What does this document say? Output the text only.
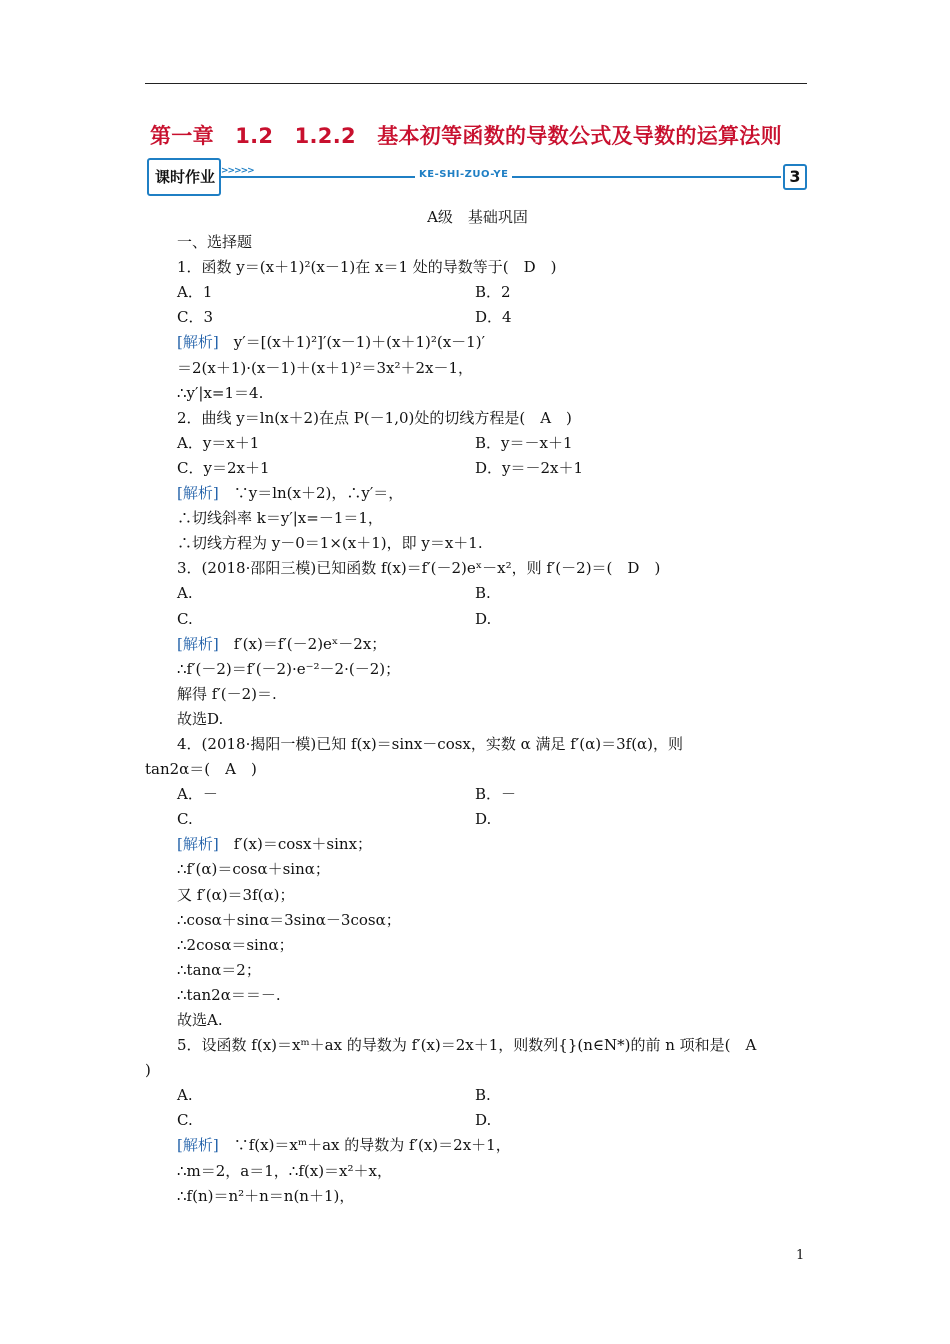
第一章　1.2　1.2.2　基本初等函数的导数公式及导数的运算法则
课时作业 >>>>>	KE-SHI-ZUO-YE	3
A级　基础巩固
一、选择题
1．函数 y＝(x＋1)²(x－1)在 x＝1 处的导数等于(　D　)
A．1	B．2
C．3	D．4
[解析]　y′＝[(x＋1)²]′(x－1)＋(x＋1)²(x－1)′
＝2(x＋1)·(x－1)＋(x＋1)²＝3x²＋2x－1，
∴y′|x=1＝4.
2．曲线 y＝ln(x＋2)在点 P(－1,0)处的切线方程是(　A　)
A．y＝x＋1	B．y＝－x＋1
C．y＝2x＋1	D．y＝－2x＋1
[解析]　∵y＝ln(x＋2)，∴y′＝，
∴切线斜率 k＝y′|x=－1＝1，
∴切线方程为 y－0＝1×(x＋1)，即 y＝x＋1.
3．(2018·邵阳三模)已知函数 f(x)＝f′(－2)eˣ－x²，则 f′(－2)＝(　D　)
A.	B.
C.	D.
[解析]　f′(x)＝f′(－2)eˣ－2x；
∴f′(－2)＝f′(－2)·e⁻²－2·(－2)；
解得 f′(－2)＝.
故选D.
4．(2018·揭阳一模)已知 f(x)＝sinx－cosx，实数 α 满足 f′(α)＝3f(α)，则
tan2α＝(　A　)
A．－	B．－
C.	D.
[解析]　f′(x)＝cosx＋sinx；
∴f′(α)＝cosα＋sinα；
又 f′(α)＝3f(α)；
∴cosα＋sinα＝3sinα－3cosα；
∴2cosα＝sinα；
∴tanα＝2；
∴tan2α＝＝－.
故选A.
5．设函数 f(x)＝xᵐ＋ax 的导数为 f′(x)＝2x＋1，则数列{}(n∈N*)的前 n 项和是(　A
)
A.	B.
C.	D.
[解析]　∵f(x)＝xᵐ＋ax 的导数为 f′(x)＝2x＋1，
∴m＝2，a＝1，∴f(x)＝x²＋x，
∴f(n)＝n²＋n＝n(n＋1)，
1
